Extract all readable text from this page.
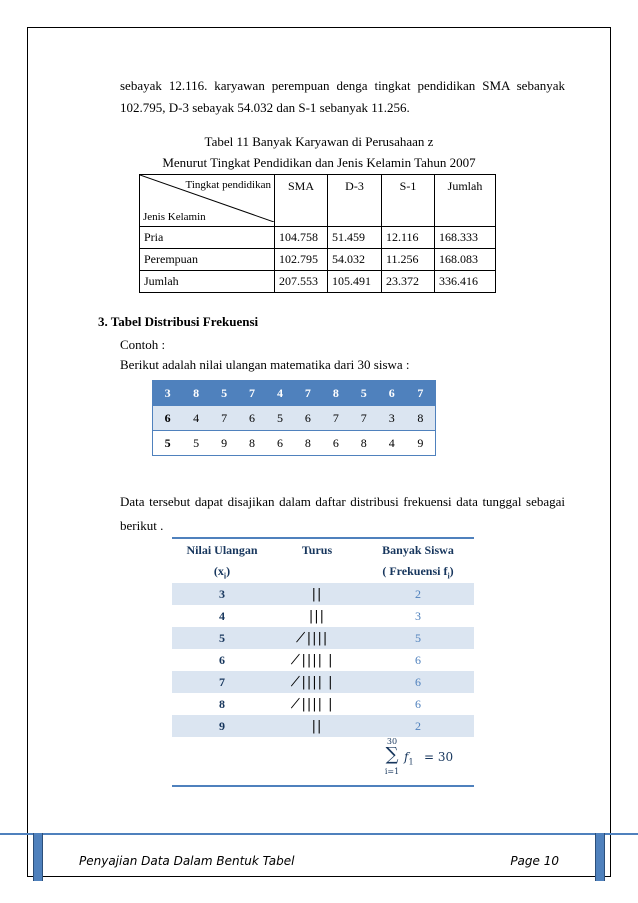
sebayak 12.116. karyawan perempuan denga tingkat pendidikan SMA sebanyak
102.795, D-3 sebayak 54.032 dan S-1 sebanyak 11.256.
Tabel 11 Banyak Karyawan di Perusahaan z
Menurut Tingkat Pendidikan dan Jenis Kelamin Tahun 2007
Tingkat pendidikan
Jenis Kelamin	SMA	D-3	S-1	Jumlah
Pria	104.758	51.459	12.116	168.333
Perempuan	102.795	54.032	11.256	168.083
Jumlah	207.553	105.491	23.372	336.416
3. Tabel Distribusi Frekuensi
Contoh :
Berikut adalah nilai ulangan matematika dari 30 siswa :
3	8	5	7	4	7	8	5	6	7
6	4	7	6	5	6	7	7	3	8
5	5	9	8	6	8	6	8	4	9
Data tersebut dapat disajikan dalam daftar distribusi frekuensi data tunggal sebagai
berikut .
Nilai Ulangan	Turus	Banyak Siswa
$(x_i)$		( Frekuensi $f_i$)
3	||	2
4	|||	3
5	̸||||	5
6	̸|||| |	6
7	̸|||| |	6
8	̸|||| |	6
9	||	2

		30
∑
i=1
$f_1 = 30$
Penyajian Data Dalam Bentuk Tabel	Page 10
